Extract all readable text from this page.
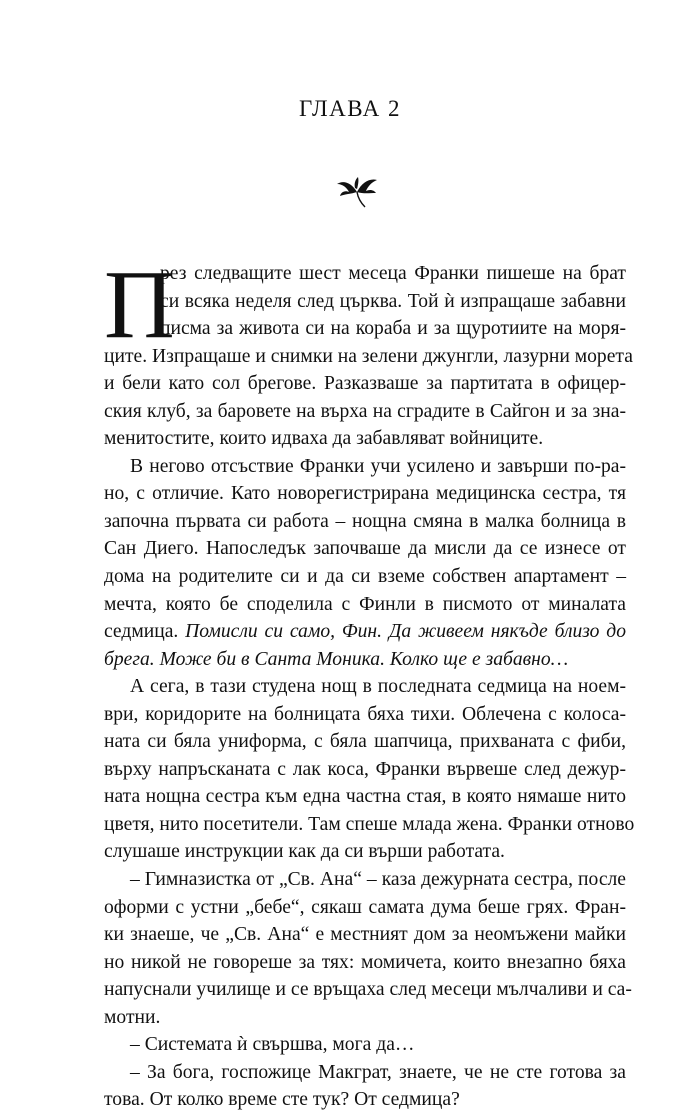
ГЛАВА 2
П
рез следващите шест месеца Франки пишеше на брат
си всяка неделя след църква. Той ѝ изпращаше забавни
писма за живота си на кораба и за щуротиите на моря-
ците. Изпращаше и снимки на зелени джунгли, лазурни морета
и бели като сол брегове. Разказваше за партитата в офицер-
ския клуб, за баровете на върха на сградите в Сайгон и за зна-
менитостите, които идваха да забавляват войниците.
В негово отсъствие Франки учи усилено и завърши по-ра-
но, с отличие. Като новорегистрирана медицинска сестра, тя
започна първата си работа – нощна смяна в малка болница в
Сан Диего. Напоследък започваше да мисли да се изнесе от
дома на родителите си и да си вземе собствен апартамент –
мечта, която бе споделила с Финли в писмото от миналата
седмица. Помисли си само, Фин. Да живеем някъде близо до
брега. Може би в Санта Моника. Колко ще е забавно…
А сега, в тази студена нощ в последната седмица на ноем-
ври, коридорите на болницата бяха тихи. Облечена с колоса-
ната си бяла униформа, с бяла шапчица, прихваната с фиби,
върху напръсканата с лак коса, Франки вървеше след дежур-
ната нощна сестра към една частна стая, в която нямаше нито
цветя, нито посетители. Там спеше млада жена. Франки отново
слушаше инструкции как да си върши работата.
– Гимназистка от „Св. Ана“ – каза дежурната сестра, после
оформи с устни „бебе“, сякаш самата дума беше грях. Фран-
ки знаеше, че „Св. Ана“ е местният дом за неомъжени майки
но никой не говореше за тях: момичета, които внезапно бяха
напуснали училище и се връщаха след месеци мълчаливи и са-
мотни.
– Системата ѝ свършва, мога да…
– За бога, госпожице Макграт, знаете, че не сте готова за
това. От колко време сте тук? От седмица?
